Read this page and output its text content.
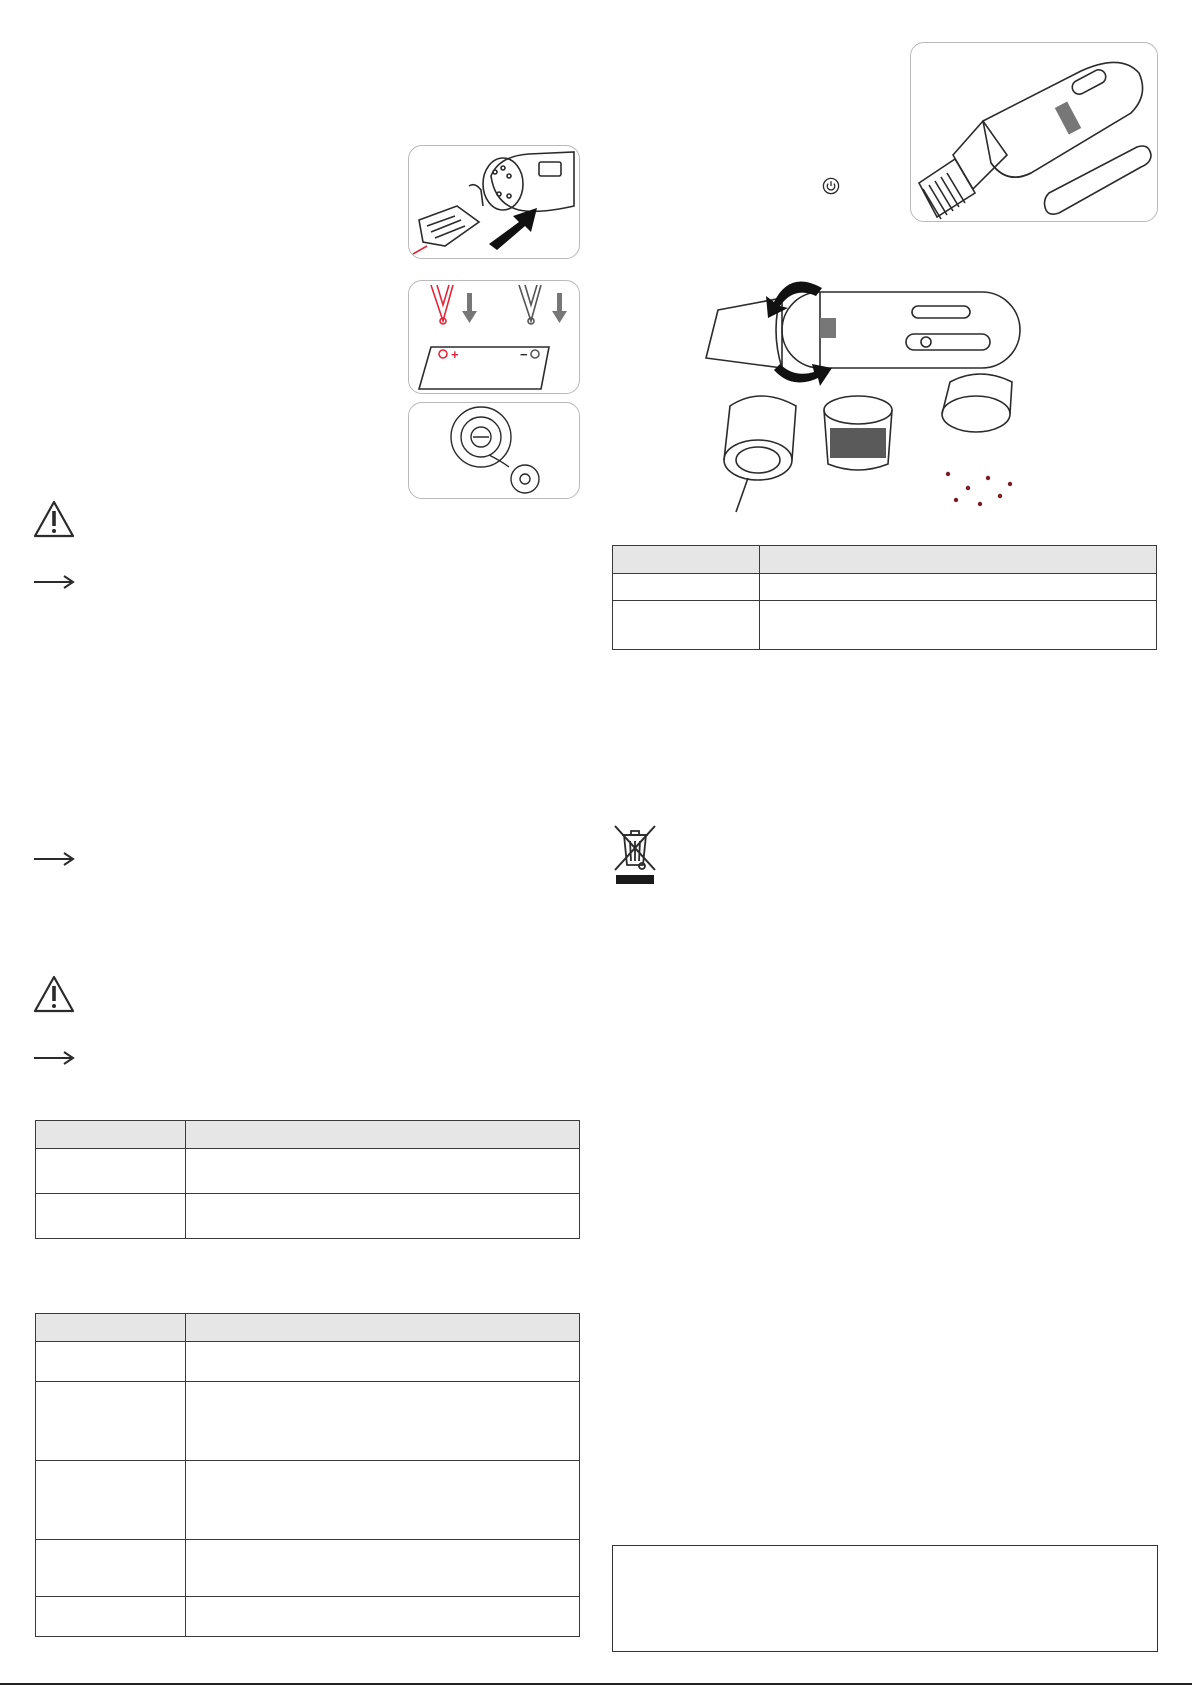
+	−
